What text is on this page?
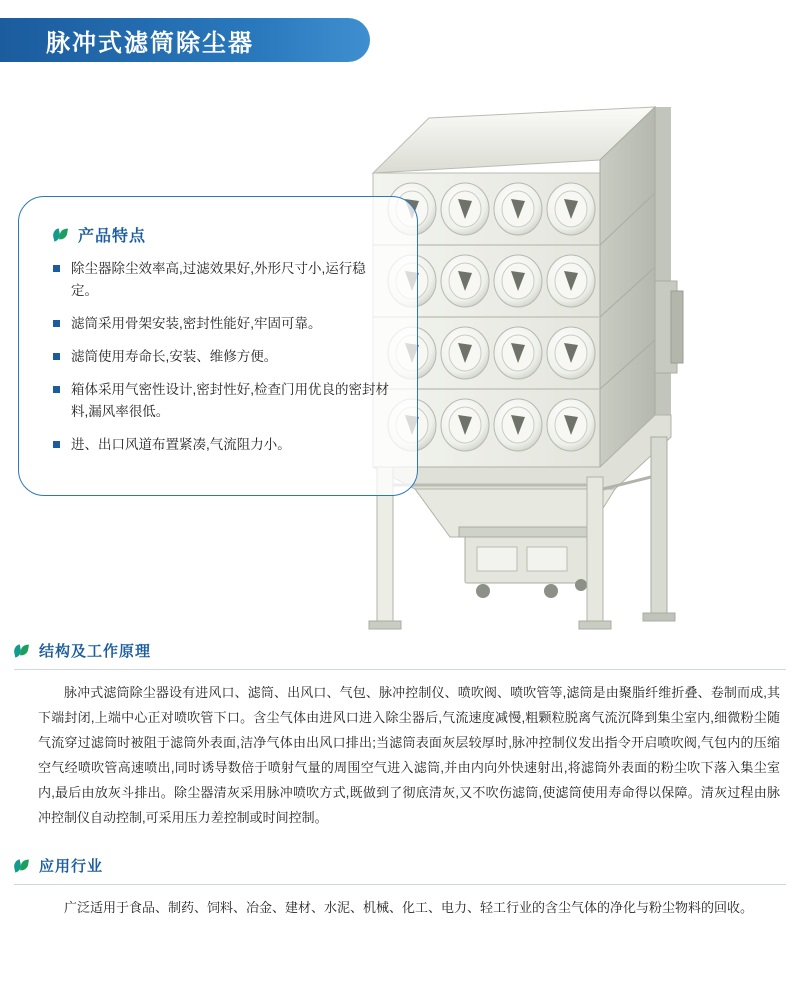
脉冲式滤筒除尘器
产品特点
除尘器除尘效率高,过滤效果好,外形尺寸小,运行稳定。
滤筒采用骨架安装,密封性能好,牢固可靠。
滤筒使用寿命长,安装、维修方便。
箱体采用气密性设计,密封性好,检查门用优良的密封材料,漏风率很低。
进、出口风道布置紧凑,气流阻力小。
结构及工作原理
脉冲式滤筒除尘器设有进风口、滤筒、出风口、气包、脉冲控制仪、喷吹阀、喷吹管等,滤筒是由聚脂纤维折叠、卷制而成,其下端封闭,上端中心正对喷吹管下口。含尘气体由进风口进入除尘器后,气流速度减慢,粗颗粒脱离气流沉降到集尘室内,细微粉尘随气流穿过滤筒时被阻于滤筒外表面,洁净气体由出风口排出;当滤筒表面灰层较厚时,脉冲控制仪发出指令开启喷吹阀,气包内的压缩空气经喷吹管高速喷出,同时诱导数倍于喷射气量的周围空气进入滤筒,并由内向外快速射出,将滤筒外表面的粉尘吹下落入集尘室内,最后由放灰斗排出。除尘器清灰采用脉冲喷吹方式,既做到了彻底清灰,又不吹伤滤筒,使滤筒使用寿命得以保障。清灰过程由脉冲控制仪自动控制,可采用压力差控制或时间控制。
应用行业
广泛适用于食品、制药、饲料、冶金、建材、水泥、机械、化工、电力、轻工行业的含尘气体的净化与粉尘物料的回收。
